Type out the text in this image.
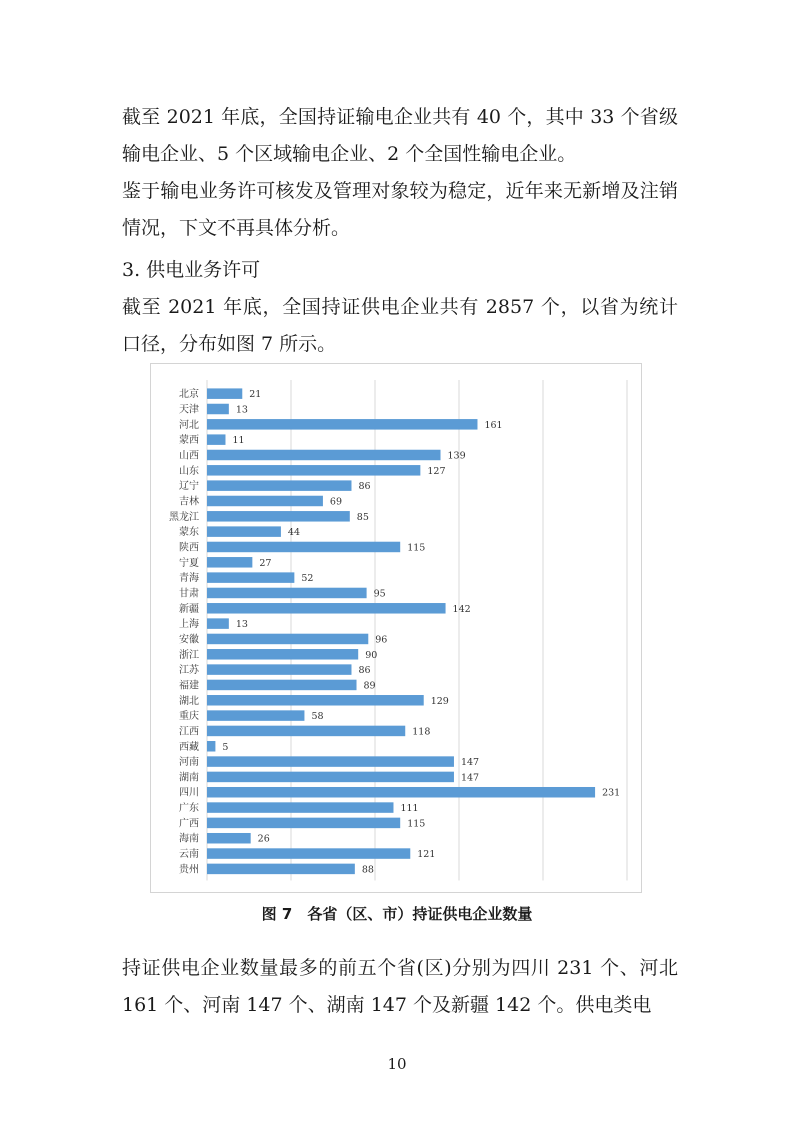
截至 2021 年底，全国持证输电企业共有 40 个，其中 33 个省级输电企业、5 个区域输电企业、2 个全国性输电企业。

鉴于输电业务许可核发及管理对象较为稳定，近年来无新增及注销情况，下文不再具体分析。

3. 供电业务许可

截至 2021 年底，全国持证供电企业共有 2857 个，以省为统计口径，分布如图 7 所示。

北京	21
天津	13
河北	161
蒙西	11
山西	139
山东	127
辽宁	86
吉林	69
黑龙江	85
蒙东	44
陕西	115
宁夏	27
青海	52
甘肃	95
新疆	142
上海	13
安徽	96
浙江	90
江苏	86
福建	89
湖北	129
重庆	58
江西	118
西藏 5
河南	147
湖南	147
四川	231
广东	111
广西	115
海南	26
云南	121
贵州	88
图 7　各省（区、市）持证供电企业数量

持证供电企业数量最多的前五个省(区)分别为四川 231 个、河北 161 个、河南 147 个、湖南 147 个及新疆 142 个。供电类电

10
